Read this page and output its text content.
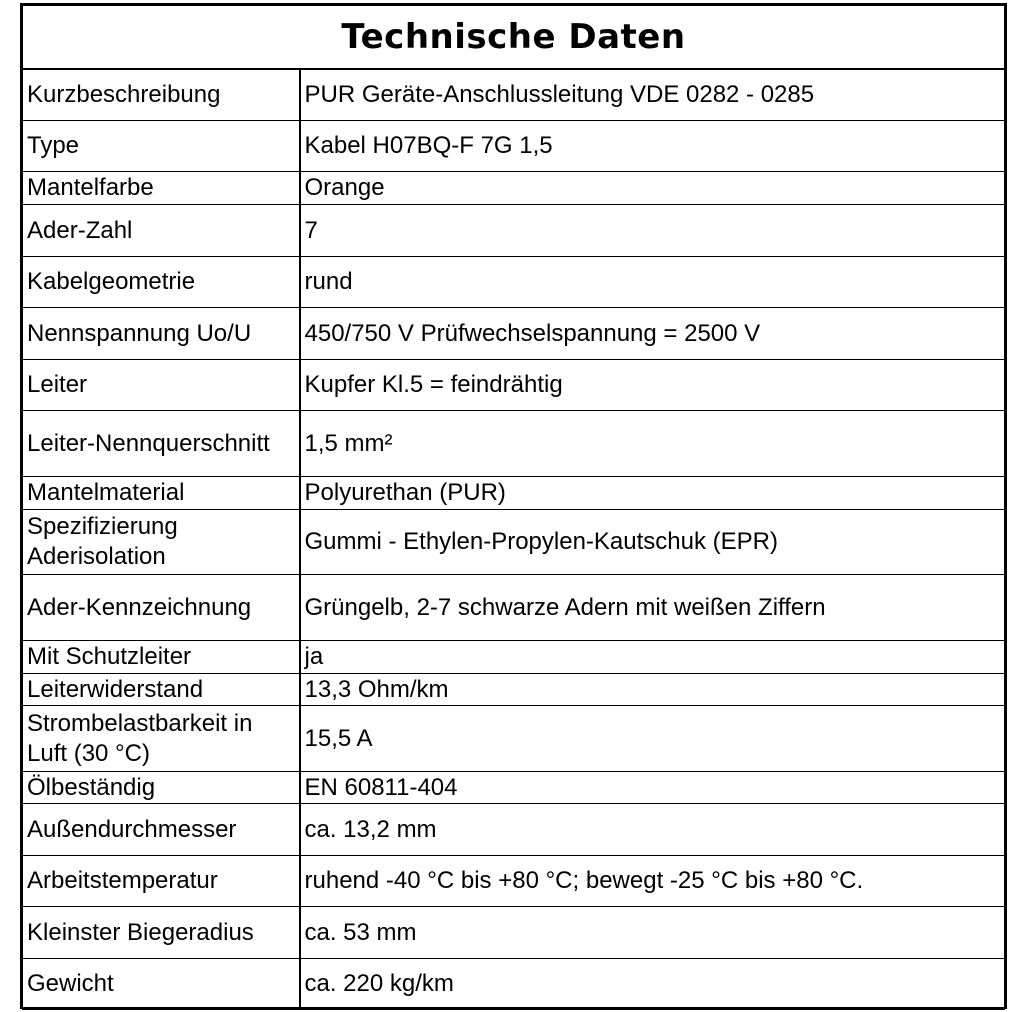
Technische Daten	
Kurzbeschreibung	PUR Geräte-Anschlussleitung VDE 0282 - 0285
Type	Kabel H07BQ-F 7G 1,5
Mantelfarbe	Orange
Ader-Zahl	7
Kabelgeometrie	rund
Nennspannung Uo/U	450/750 V Prüfwechselspannung = 2500 V
Leiter	Kupfer Kl.5 = feindrähtig
Leiter-Nennquerschnitt	1,5 mm²
Mantelmaterial	Polyurethan (PUR)
Spezifizierung Aderisolation	Gummi - Ethylen-Propylen-Kautschuk (EPR)
Ader-Kennzeichnung	Grüngelb, 2-7 schwarze Adern mit weißen Ziffern
Mit Schutzleiter	ja
Leiterwiderstand	13,3 Ohm/km
Strombelastbarkeit in Luft (30 °C)	15,5 A
Ölbeständig	EN 60811-404
Außendurchmesser	ca. 13,2 mm
Arbeitstemperatur	ruhend -40 °C bis +80 °C; bewegt -25 °C bis +80 °C.
Kleinster Biegeradius	ca. 53 mm
Gewicht	ca. 220 kg/km
